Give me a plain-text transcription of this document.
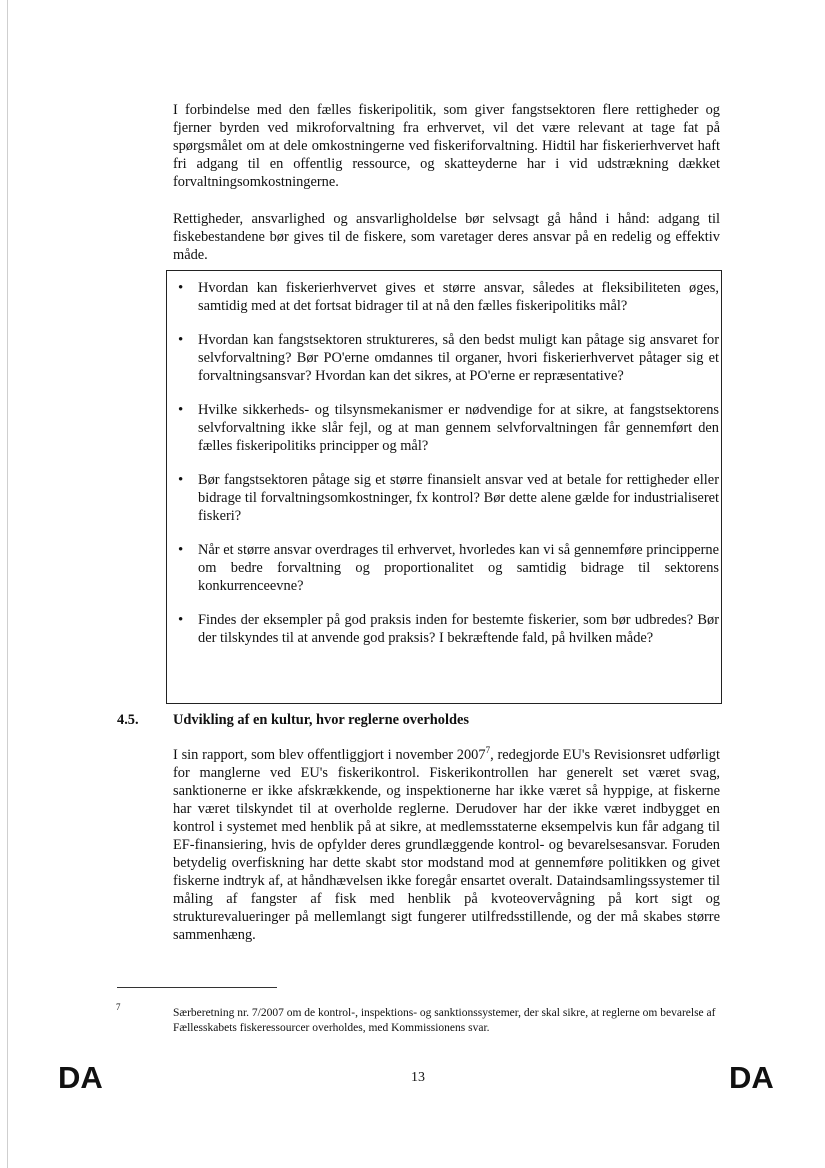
I forbindelse med den fælles fiskeripolitik, som giver fangstsektoren flere rettigheder og fjerner byrden ved mikroforvaltning fra erhvervet, vil det være relevant at tage fat på spørgsmålet om at dele omkostningerne ved fiskeriforvaltning. Hidtil har fiskerierhvervet haft fri adgang til en offentlig ressource, og skatteyderne har i vid udstrækning dækket forvaltningsomkostningerne.

Rettigheder, ansvarlighed og ansvarligholdelse bør selvsagt gå hånd i hånd: adgang til fiskebestandene bør gives til de fiskere, som varetager deres ansvar på en redelig og effektiv måde.

• Hvordan kan fiskerierhvervet gives et større ansvar, således at fleksibiliteten øges, samtidig med at det fortsat bidrager til at nå den fælles fiskeripolitiks mål?
• Hvordan kan fangstsektoren struktureres, så den bedst muligt kan påtage sig ansvaret for selvforvaltning? Bør PO'erne omdannes til organer, hvori fiskerierhvervet påtager sig et forvaltningsansvar? Hvordan kan det sikres, at PO'erne er repræsentative?
• Hvilke sikkerheds- og tilsynsmekanismer er nødvendige for at sikre, at fangstsektorens selvforvaltning ikke slår fejl, og at man gennem selvforvaltningen får gennemført den fælles fiskeripolitiks principper og mål?
• Bør fangstsektoren påtage sig et større finansielt ansvar ved at betale for rettigheder eller bidrage til forvaltningsomkostninger, fx kontrol? Bør dette alene gælde for industrialiseret fiskeri?
• Når et større ansvar overdrages til erhvervet, hvorledes kan vi så gennemføre principperne om bedre forvaltning og proportionalitet og samtidig bidrage til sektorens konkurrenceevne?
• Findes der eksempler på god praksis inden for bestemte fiskerier, som bør udbredes? Bør der tilskyndes til at anvende god praksis? I bekræftende fald, på hvilken måde?
4.5. Udvikling af en kultur, hvor reglerne overholdes

I sin rapport, som blev offentliggjort i november 2007$^7$, redegjorde EU's Revisionsret udførligt for manglerne ved EU's fiskerikontrol. Fiskerikontrollen har generelt set været svag, sanktionerne er ikke afskrækkende, og inspektionerne har ikke været så hyppige, at fiskerne har været tilskyndet til at overholde reglerne. Derudover har der ikke været indbygget en kontrol i systemet med henblik på at sikre, at medlemsstaterne eksempelvis kun får adgang til EF-finansiering, hvis de opfylder deres grundlæggende kontrol- og bevarelsesansvar. Foruden betydelig overfiskning har dette skabt stor modstand mod at gennemføre politikken og givet fiskerne indtryk af, at håndhævelsen ikke foregår ensartet overalt. Dataindsamlingssystemer til måling af fangster af fisk med henblik på kvoteovervågning på kort sigt og strukturevalueringer på mellemlangt sigt fungerer utilfredsstillende, og der må skabes større sammenhæng.

7	Særberetning nr. 7/2007 om de kontrol-, inspektions- og sanktionssystemer, der skal sikre, at reglerne om bevarelse af Fællesskabets fiskeressourcer overholdes, med Kommissionens svar.

DA	13	DA
